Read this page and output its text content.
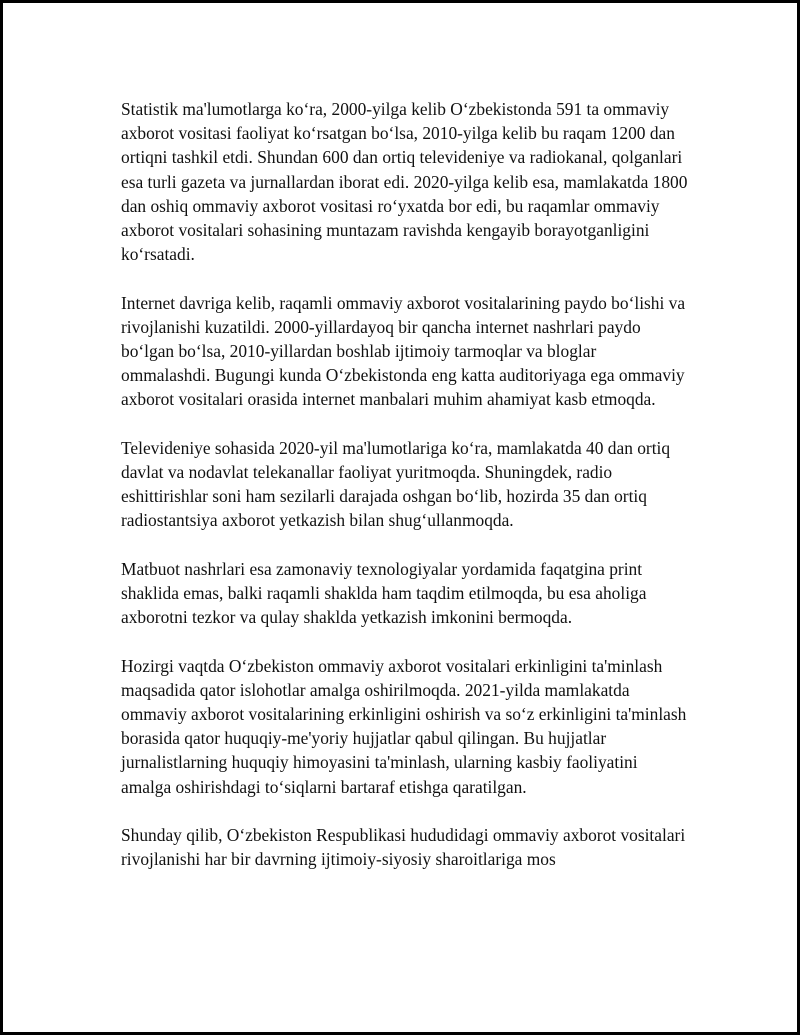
Statistik ma'lumotlarga ko‘ra, 2000-yilga kelib O‘zbekistonda 591 ta ommaviy axborot vositasi faoliyat ko‘rsatgan bo‘lsa, 2010-yilga kelib bu raqam 1200 dan ortiqni tashkil etdi. Shundan 600 dan ortiq televideniye va radiokanal, qolganlari esa turli gazeta va jurnallardan iborat edi. 2020-yilga kelib esa, mamlakatda 1800 dan oshiq ommaviy axborot vositasi ro‘yxatda bor edi, bu raqamlar ommaviy axborot vositalari sohasining muntazam ravishda kengayib borayotganligini ko‘rsatadi.

Internet davriga kelib, raqamli ommaviy axborot vositalarining paydo bo‘lishi va rivojlanishi kuzatildi. 2000-yillardayoq bir qancha internet nashrlari paydo bo‘lgan bo‘lsa, 2010-yillardan boshlab ijtimoiy tarmoqlar va bloglar ommalashdi. Bugungi kunda O‘zbekistonda eng katta auditoriyaga ega ommaviy axborot vositalari orasida internet manbalari muhim ahamiyat kasb etmoqda.

Televideniye sohasida 2020-yil ma'lumotlariga ko‘ra, mamlakatda 40 dan ortiq davlat va nodavlat telekanallar faoliyat yuritmoqda. Shuningdek, radio eshittirishlar soni ham sezilarli darajada oshgan bo‘lib, hozirda 35 dan ortiq radiostantsiya axborot yetkazish bilan shug‘ullanmoqda.

Matbuot nashrlari esa zamonaviy texnologiyalar yordamida faqatgina print shaklida emas, balki raqamli shaklda ham taqdim etilmoqda, bu esa aholiga axborotni tezkor va qulay shaklda yetkazish imkonini bermoqda.

Hozirgi vaqtda O‘zbekiston ommaviy axborot vositalari erkinligini ta'minlash maqsadida qator islohotlar amalga oshirilmoqda. 2021-yilda mamlakatda ommaviy axborot vositalarining erkinligini oshirish va so‘z erkinligini ta'minlash borasida qator huquqiy-me'yoriy hujjatlar qabul qilingan. Bu hujjatlar jurnalistlarning huquqiy himoyasini ta'minlash, ularning kasbiy faoliyatini amalga oshirishdagi to‘siqlarni bartaraf etishga qaratilgan.

Shunday qilib, O‘zbekiston Respublikasi hududidagi ommaviy axborot vositalari rivojlanishi har bir davrning ijtimoiy-siyosiy sharoitlariga mos
